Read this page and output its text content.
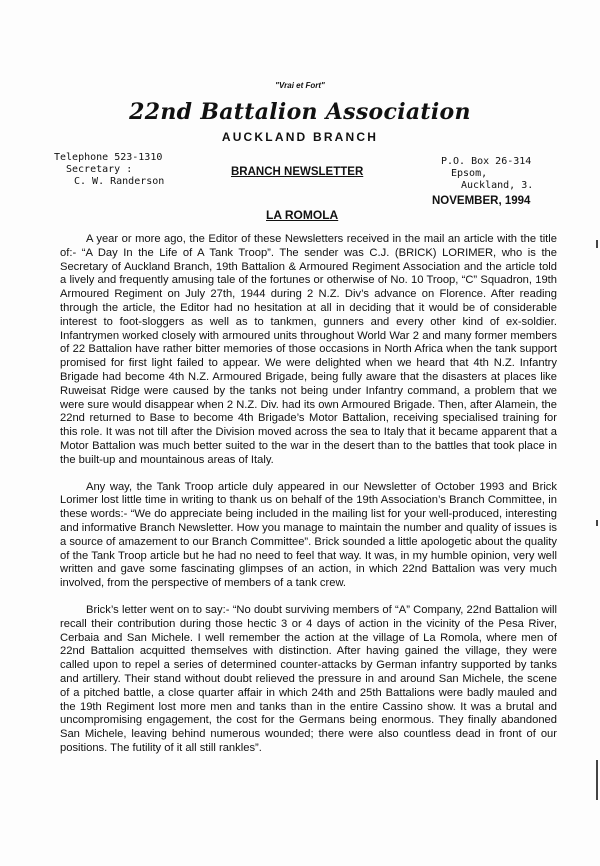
"Vrai et Fort"
22nd Battalion Association
AUCKLAND BRANCH
Telephone 523-1310
Secretary :
C. W. Randerson
BRANCH NEWSLETTER
P.O. Box 26-314
Epsom,
Auckland, 3.
NOVEMBER, 1994
LA ROMOLA

A year or more ago, the Editor of these Newsletters received in the mail an article with the title of:- “A Day In the Life of A Tank Troop”. The sender was C.J. (BRICK) LORIMER, who is the Secretary of Auckland Branch, 19th Battalion & Armoured Regiment Association and the article told a lively and frequently amusing tale of the fortunes or otherwise of No. 10 Troop, “C” Squadron, 19th Armoured Regiment on July 27th, 1944 during 2 N.Z. Div’s advance on Florence. After reading through the article, the Editor had no hesitation at all in deciding that it would be of considerable interest to foot-sloggers as well as to tankmen, gunners and every other kind of ex-soldier. Infantrymen worked closely with armoured units throughout World War 2 and many former members of 22 Battalion have rather bitter memories of those occasions in North Africa when the tank support promised for first light failed to appear. We were delighted when we heard that 4th N.Z. Infantry Brigade had become 4th N.Z. Armoured Brigade, being fully aware that the disasters at places like Ruweisat Ridge were caused by the tanks not being under Infantry command, a problem that we were sure would disappear when 2 N.Z. Div. had its own Armoured Brigade. Then, after Alamein, the 22nd returned to Base to become 4th Brigade’s Motor Battalion, receiving specialised training for this role. It was not till after the Division moved across the sea to Italy that it became apparent that a Motor Battalion was much better suited to the war in the desert than to the battles that took place in the built-up and mountainous areas of Italy.

Any way, the Tank Troop article duly appeared in our Newsletter of October 1993 and Brick Lorimer lost little time in writing to thank us on behalf of the 19th Association’s Branch Committee, in these words:- “We do appreciate being included in the mailing list for your well-produced, interesting and informative Branch Newsletter. How you manage to maintain the number and quality of issues is a source of amazement to our Branch Committee”. Brick sounded a little apologetic about the quality of the Tank Troop article but he had no need to feel that way. It was, in my humble opinion, very well written and gave some fascinating glimpses of an action, in which 22nd Battalion was very much involved, from the perspective of members of a tank crew.

Brick’s letter went on to say:- “No doubt surviving members of “A” Company, 22nd Battalion will recall their contribution during those hectic 3 or 4 days of action in the vicinity of the Pesa River, Cerbaia and San Michele. I well remember the action at the village of La Romola, where men of 22nd Battalion acquitted themselves with distinction. After having gained the village, they were called upon to repel a series of determined counter-attacks by German infantry supported by tanks and artillery. Their stand without doubt relieved the pressure in and around San Michele, the scene of a pitched battle, a close quarter affair in which 24th and 25th Battalions were badly mauled and the 19th Regiment lost more men and tanks than in the entire Cassino show. It was a brutal and uncompromising engagement, the cost for the Germans being enormous. They finally abandoned San Michele, leaving behind numerous wounded; there were also countless dead in front of our positions. The futility of it all still rankles”.
